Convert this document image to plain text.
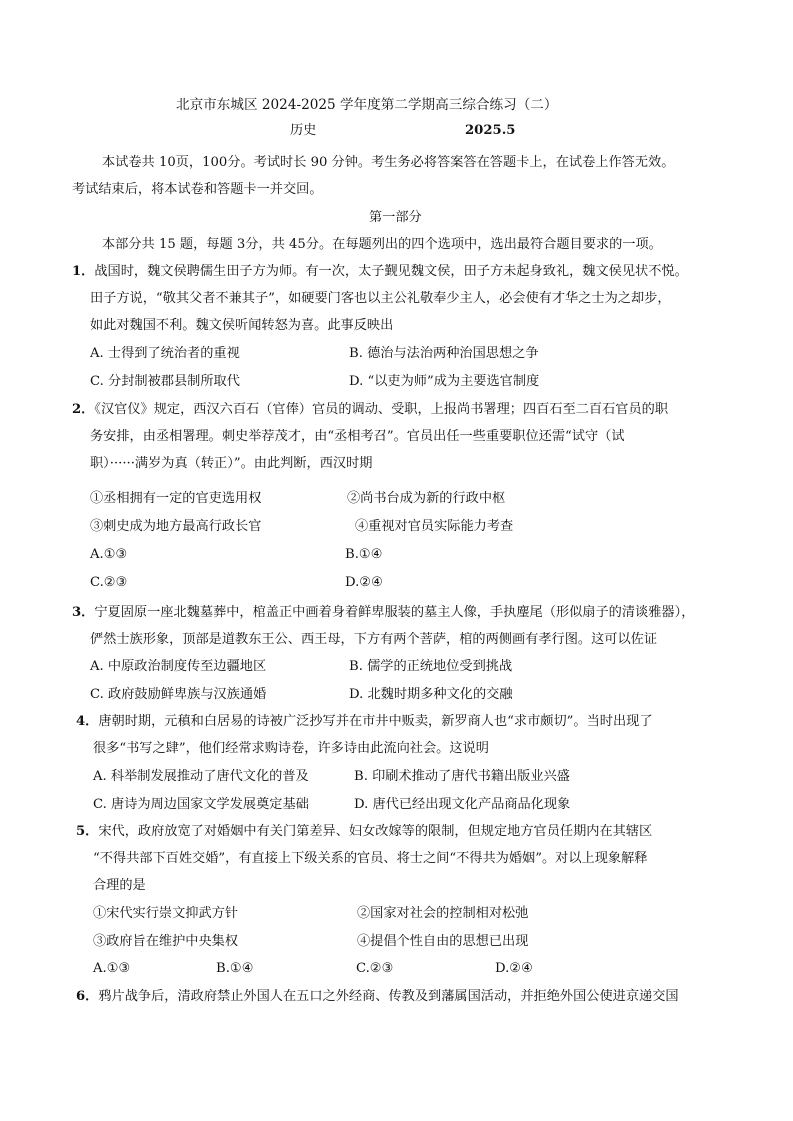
北京市东城区 2024-2025 学年度第二学期高三综合练习（二）
历史	2025.5
本试卷共 10页，100分。考试时长 90 分钟。考生务必将答案答在答题卡上，在试卷上作答无效。
考试结束后，将本试卷和答题卡一并交回。
第一部分
本部分共 15 题，每题 3分，共 45分。在每题列出的四个选项中，选出最符合题目要求的一项。
1．战国时，魏文侯聘儒生田子方为师。有一次，太子觐见魏文侯，田子方未起身致礼，魏文侯见状不悦。
田子方说，“敬其父者不兼其子”，如硬要门客也以主公礼敬奉少主人，必会使有才华之士为之却步，
如此对魏国不利。魏文侯听闻转怒为喜。此事反映出
A. 士得到了统治者的重视	B. 德治与法治两种治国思想之争
C. 分封制被郡县制所取代	D. “以吏为师”成为主要选官制度
2．《汉官仪》规定，西汉六百石（官俸）官员的调动、受职，上报尚书署理；四百石至二百石官员的职
务安排，由丞相署理。刺史举荐茂才，由“丞相考召”。官员出任一些重要职位还需“试守（试
职）······满岁为真（转正）”。由此判断，西汉时期
①丞相拥有一定的官吏选用权	②尚书台成为新的行政中枢
③刺史成为地方最高行政长官	④重视对官员实际能力考查
A.①③	B.①④
C.②③	D.②④
3．宁夏固原一座北魏墓葬中，棺盖正中画着身着鲜卑服装的墓主人像，手执麈尾（形似扇子的清谈雅器），
俨然士族形象，顶部是道教东王公、西王母，下方有两个菩萨，棺的两侧画有孝行图。这可以佐证
A. 中原政治制度传至边疆地区	B. 儒学的正统地位受到挑战
C. 政府鼓励鲜卑族与汉族通婚	D. 北魏时期多种文化的交融
4．唐朝时期，元稹和白居易的诗被广泛抄写并在市井中贩卖，新罗商人也“求市颇切”。当时出现了
很多“书写之肆”，他们经常求购诗卷，许多诗由此流向社会。这说明
A. 科举制发展推动了唐代文化的普及	B. 印刷术推动了唐代书籍出版业兴盛
C. 唐诗为周边国家文学发展奠定基础	D. 唐代已经出现文化产品商品化现象
5．宋代，政府放宽了对婚姻中有关门第差异、妇女改嫁等的限制，但规定地方官员任期内在其辖区
“不得共部下百姓交婚”，有直接上下级关系的官员、将士之间“不得共为婚姻”。对以上现象解释
合理的是
①宋代实行崇文抑武方针	②国家对社会的控制相对松弛
③政府旨在维护中央集权	④提倡个性自由的思想已出现
A.①③	B.①④	C.②③	D.②④
6．鸦片战争后，清政府禁止外国人在五口之外经商、传教及到藩属国活动，并拒绝外国公使进京递交国
